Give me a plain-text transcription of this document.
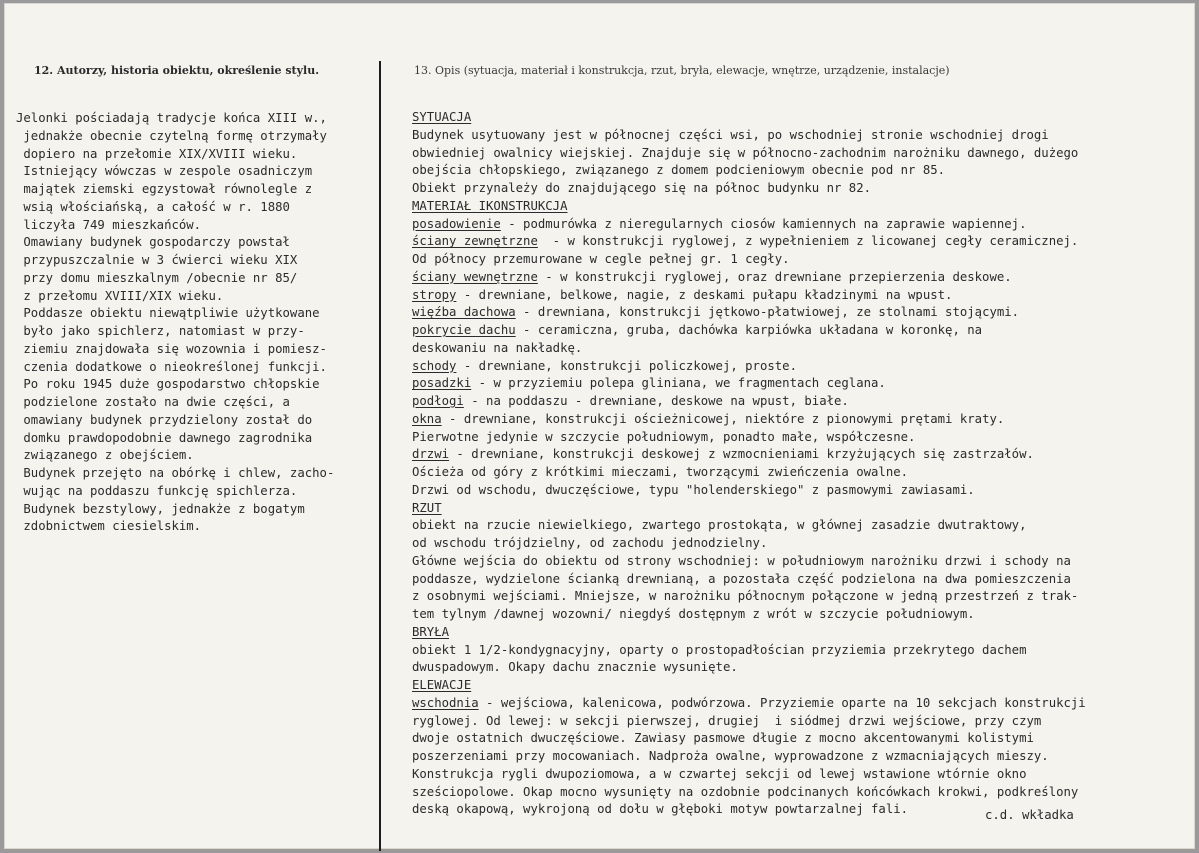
12. Autorzy, historia obiektu, określenie stylu.	13. Opis (sytuacja, materiał i konstrukcja, rzut, bryła, elewacje, wnętrze, urządzenie, instalacje)
Jelonki pościadają tradycje końca XIII w.,
jednakże obecnie czytelną formę otrzymały
dopiero na przełomie XIX/XVIII wieku.
Istniejący wówczas w zespole osadniczym
majątek ziemski egzystował równolegle z
wsią włościańską, a całość w r. 1880
liczyła 749 mieszkańców.
Omawiany budynek gospodarczy powstał
przypuszczalnie w 3 ćwierci wieku XIX
przy domu mieszkalnym /obecnie nr 85/
z przełomu XVIII/XIX wieku.
Poddasze obiektu niewątpliwie użytkowane
było jako spichlerz, natomiast w przy-
ziemiu znajdowała się wozownia i pomiesz-
czenia dodatkowe o nieokreślonej funkcji.
Po roku 1945 duże gospodarstwo chłopskie
podzielone zostało na dwie części, a
omawiany budynek przydzielony został do
domku prawdopodobnie dawnego zagrodnika
związanego z obejściem.
Budynek przejęto na obórkę i chlew, zacho-
wując na poddaszu funkcję spichlerza.
Budynek bezstylowy, jednakże z bogatym
zdobnictwem ciesielskim.
SYTUACJA
Budynek usytuowany jest w północnej części wsi, po wschodniej stronie wschodniej drogi
obwiedniej owalnicy wiejskiej. Znajduje się w północno-zachodnim narożniku dawnego, dużego
obejścia chłopskiego, związanego z domem podcieniowym obecnie pod nr 85.
Obiekt przynależy do znajdującego się na północ budynku nr 82.
MATERIAŁ IKONSTRUKCJA
posadowienie - podmurówka z nieregularnych ciosów kamiennych na zaprawie wapiennej.
ściany zewnętrzne  - w konstrukcji ryglowej, z wypełnieniem z licowanej cegły ceramicznej.
Od północy przemurowane w cegle pełnej gr. 1 cegły.
ściany wewnętrzne - w konstrukcji ryglowej, oraz drewniane przepierzenia deskowe.
stropy - drewniane, belkowe, nagie, z deskami pułapu kładzinymi na wpust.
więźba dachowa - drewniana, konstrukcji jętkowo-płatwiowej, ze stolnami stojącymi.
pokrycie dachu - ceramiczna, gruba, dachówka karpiówka układana w koronkę, na
deskowaniu na nakładkę.
schody - drewniane, konstrukcji policzkowej, proste.
posadzki - w przyziemiu polepa gliniana, we fragmentach ceglana.
podłogi - na poddaszu - drewniane, deskowe na wpust, białe.
okna - drewniane, konstrukcji ościeżnicowej, niektóre z pionowymi prętami kraty.
Pierwotne jedynie w szczycie południowym, ponadto małe, współczesne.
drzwi - drewniane, konstrukcji deskowej z wzmocnieniami krzyżujących się zastrzałów.
Ościeża od góry z krótkimi mieczami, tworzącymi zwieńczenia owalne.
Drzwi od wschodu, dwuczęściowe, typu "holenderskiego" z pasmowymi zawiasami.
RZUT
obiekt na rzucie niewielkiego, zwartego prostokąta, w głównej zasadzie dwutraktowy,
od wschodu trójdzielny, od zachodu jednodzielny.
Główne wejścia do obiektu od strony wschodniej: w południowym narożniku drzwi i schody na
poddasze, wydzielone ścianką drewnianą, a pozostała część podzielona na dwa pomieszczenia
z osobnymi wejściami. Mniejsze, w narożniku północnym połączone w jedną przestrzeń z trak-
tem tylnym /dawnej wozowni/ niegdyś dostępnym z wrót w szczycie południowym.
BRYŁA
obiekt 1 1/2-kondygnacyjny, oparty o prostopadłościan przyziemia przekrytego dachem
dwuspadowym. Okapy dachu znacznie wysunięte.
ELEWACJE
wschodnia - wejściowa, kalenicowa, podwórzowa. Przyziemie oparte na 10 sekcjach konstrukcji
ryglowej. Od lewej: w sekcji pierwszej, drugiej  i siódmej drzwi wejściowe, przy czym
dwoje ostatnich dwuczęściowe. Zawiasy pasmowe długie z mocno akcentowanymi kolistymi
poszerzeniami przy mocowaniach. Nadproża owalne, wyprowadzone z wzmacniających mieszy.
Konstrukcja rygli dwupoziomowa, a w czwartej sekcji od lewej wstawione wtórnie okno
sześciopolowe. Okap mocno wysunięty na ozdobnie podcinanych końcówkach krokwi, podkreślony
deską okapową, wykrojoną od dołu w głęboki motyw powtarzalnej fali.	c.d. wkładka
